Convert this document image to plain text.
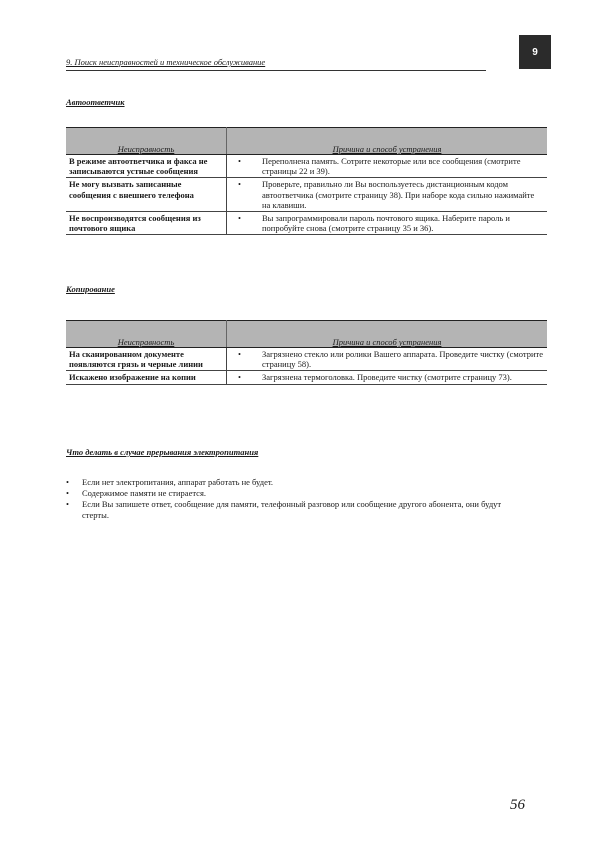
9. Поиск неисправностей и техническое обслуживание
9
Автоответчик
Неисправность	Причина и способ устранения
В режиме автоответчика и факса не записываются устные сообщения	• Переполнена память. Сотрите некоторые или все сообщения (смотрите страницы 22 и 39).

Не могу вызвать записанные сообщения с внешнего телефона	• Проверьте, правильно ли Вы воспользуетесь дистанционным кодом автоответчика (смотрите страницу 38). При наборе кода сильно нажимайте на клавиши.

Не воспроизводятся сообщения из почтового ящика	• Вы запрограммировали пароль почтового ящика. Наберите пароль и попробуйте снова (смотрите страницу 35 и 36).
Копирование
Неисправность	Причина и способ устранения
На сканированном документе появляются грязь и черные линии	• Загрязнено стекло или ролики Вашего аппарата. Проведите чистку (смотрите страницу 58).

Искажено изображение на копии	• Загрязнена термоголовка. Проведите чистку (смотрите страницу 73).
Что делать в случае прерывания электропитания
•	Если нет электропитания, аппарат работать не будет.
•	Содержимое памяти не стирается.
•	Если Вы запишете ответ, сообщение для памяти, телефонный разговор или сообщение другого абонента, они будут стерты.
56
